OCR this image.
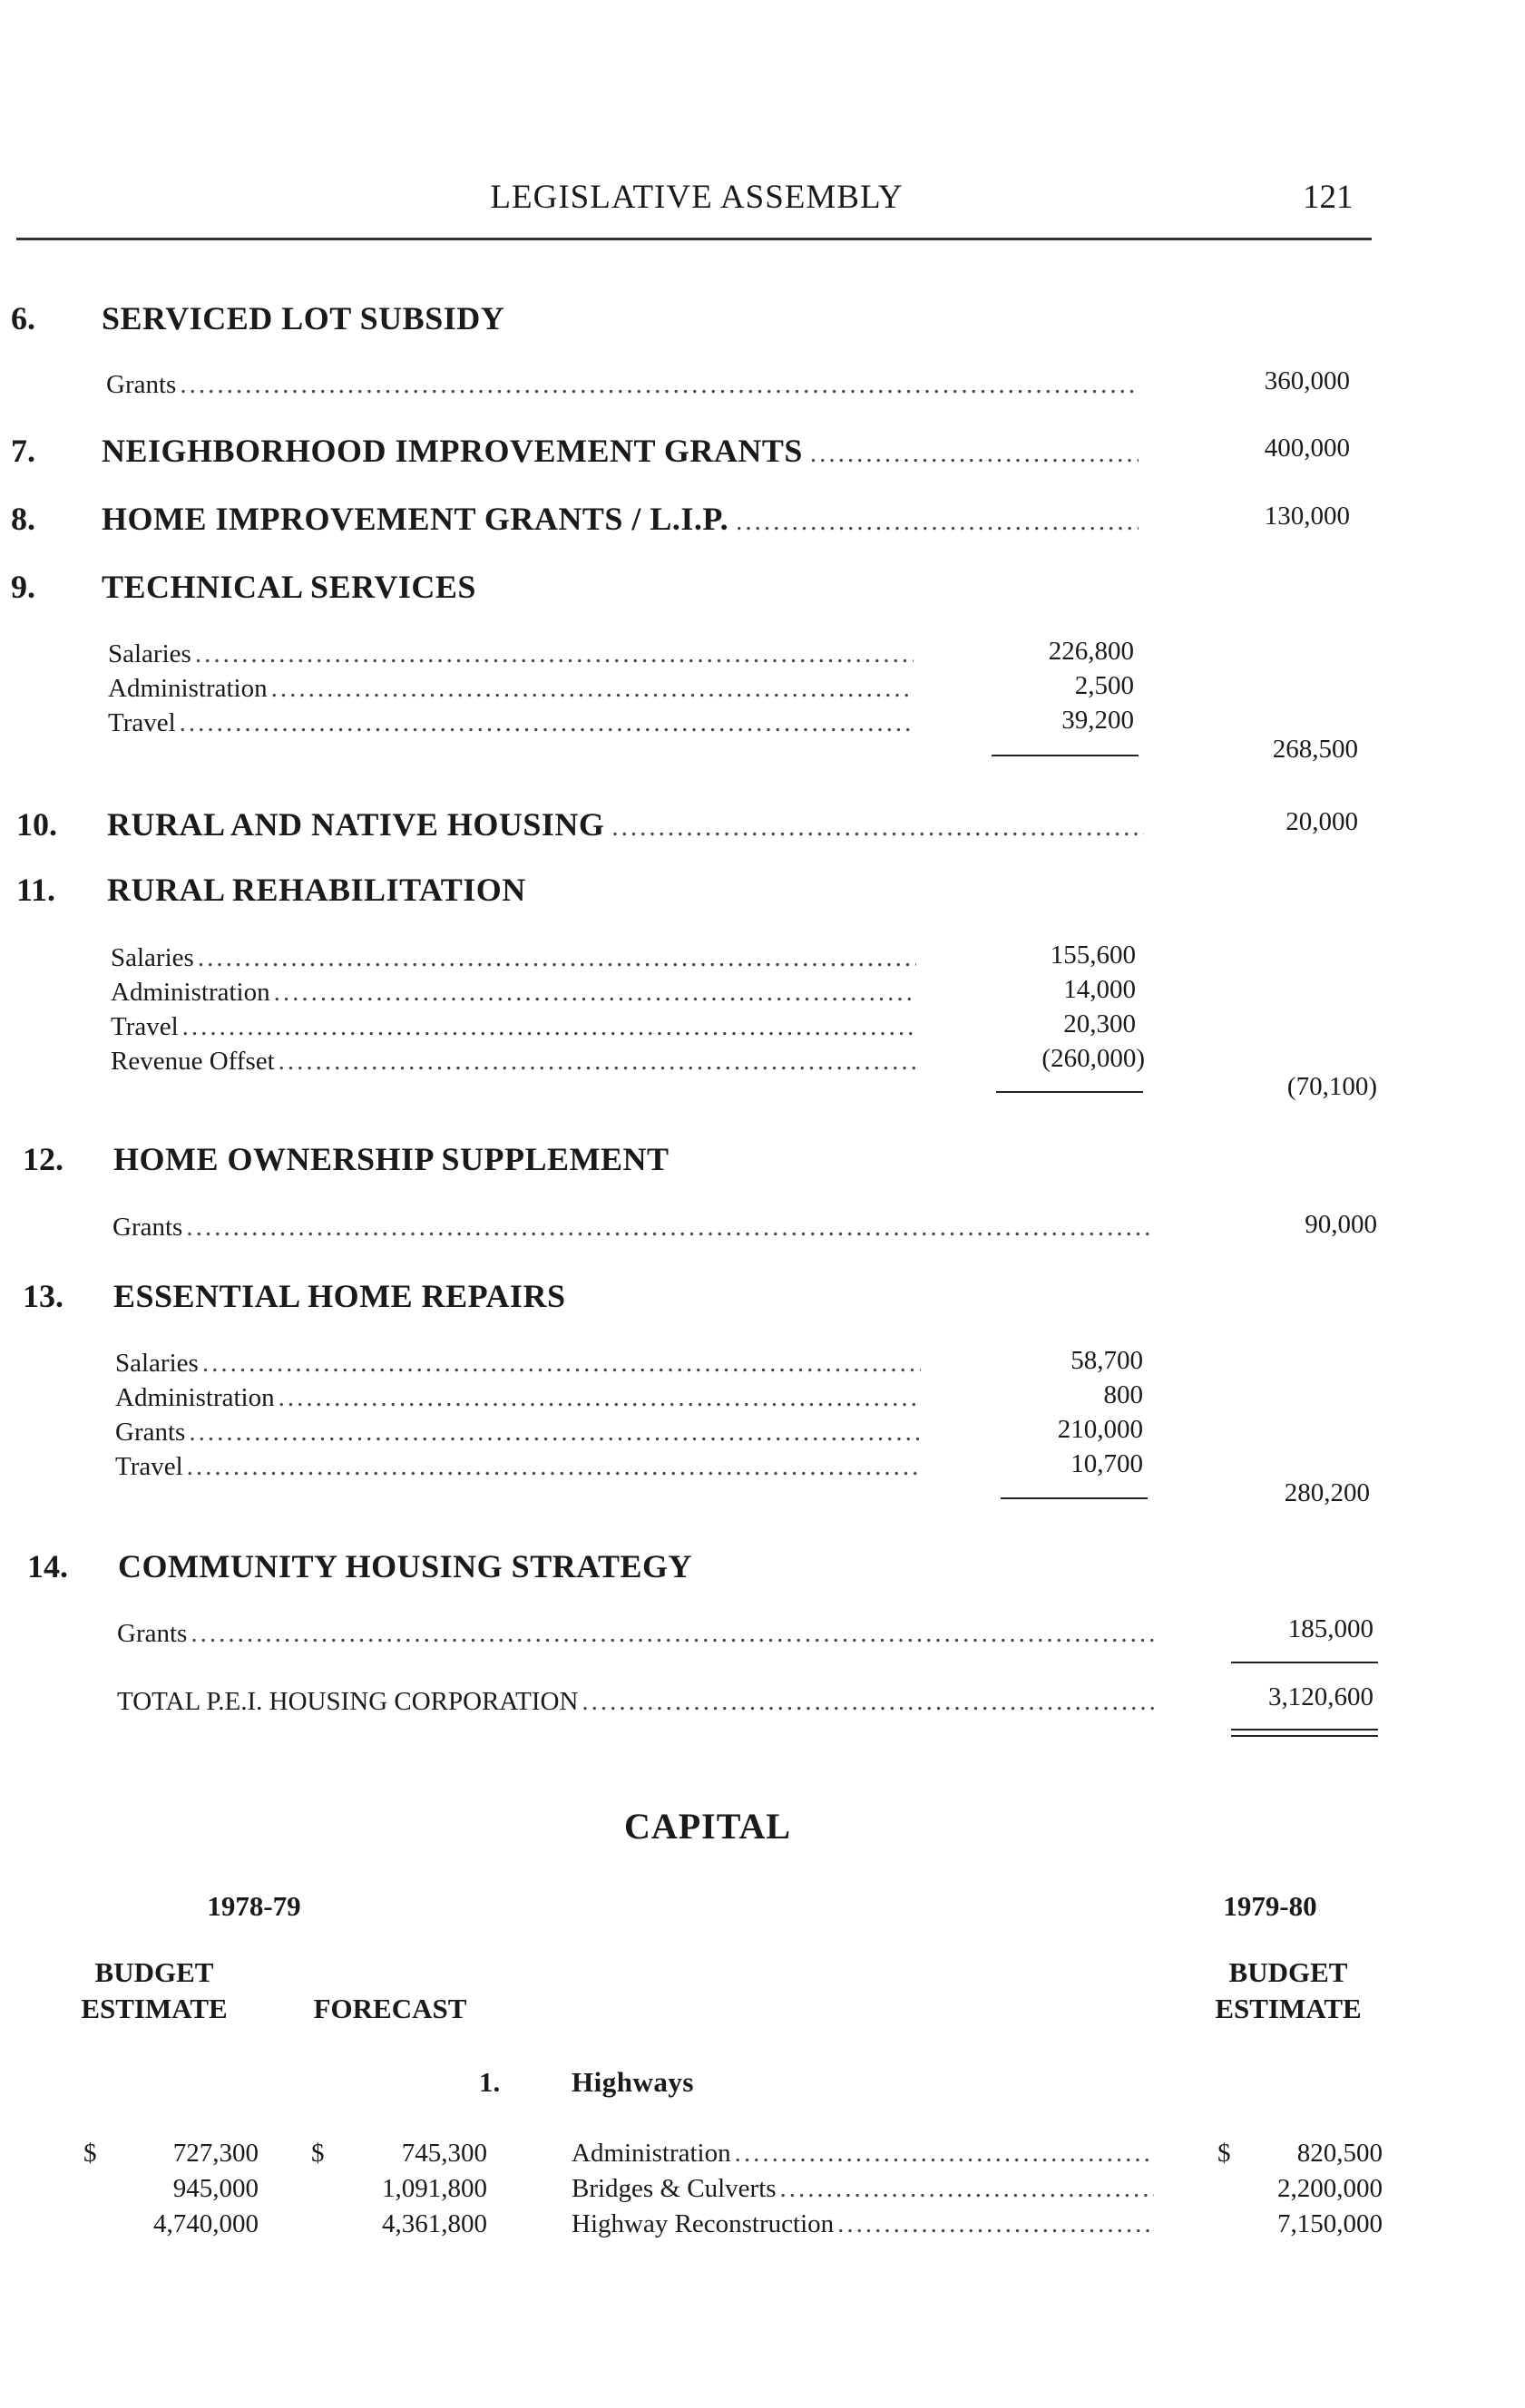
LEGISLATIVE ASSEMBLY	121
6. SERVICED LOT SUBSIDY
Grants .....	360,000
7.	NEIGHBORHOOD IMPROVEMENT GRANTS .....	400,000
8.	HOME IMPROVEMENT GRANTS / L.I.P. .....	130,000
9. TECHNICAL SERVICES
Salaries .....	226,800
Administration .....	2,500
Travel .....	39,200
268,500
10.	RURAL AND NATIVE HOUSING .....	20,000
11. RURAL REHABILITATION
Salaries .....	155,600
Administration .....	14,000
Travel .....	20,300
Revenue Offset .....	(260,000)
(70,100)
12. HOME OWNERSHIP SUPPLEMENT
Grants .....	90,000
13. ESSENTIAL HOME REPAIRS
Salaries .....	58,700
Administration .....	800
Grants .....	210,000
Travel .....	10,700
280,200
14. COMMUNITY HOUSING STRATEGY
Grants .....	185,000
TOTAL P.E.I. HOUSING CORPORATION .....	3,120,600
CAPITAL
1978-79	1979-80
BUDGET
ESTIMATE	FORECAST
BUDGET
ESTIMATE
1.	Highways
$	727,300 $	745,300	Administration .....	$	820,500
945,000	1,091,800	Bridges & Culverts .....	2,200,000
4,740,000	4,361,800	Highway Reconstruction .....	7,150,000
